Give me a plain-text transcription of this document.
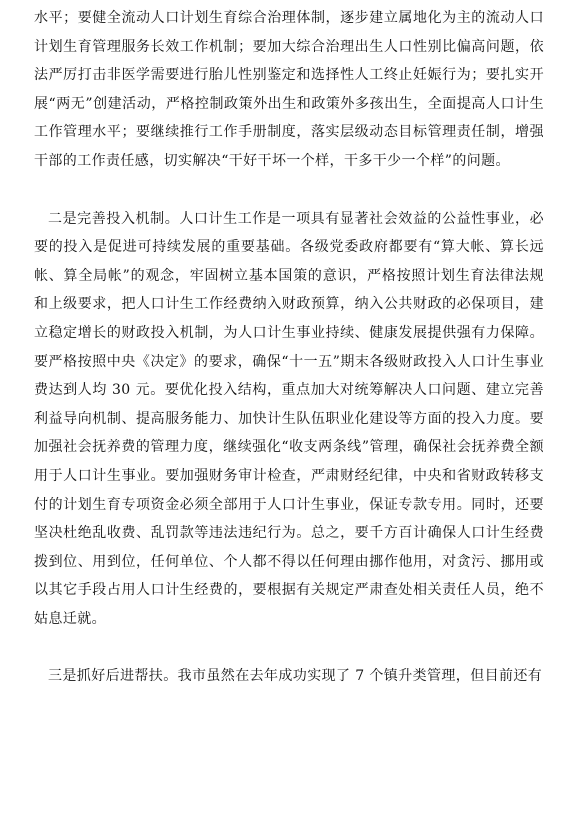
水平；要健全流动人口计划生育综合治理体制，逐步建立属地化为主的流动人口计划生育管理服务长效工作机制；要加大综合治理出生人口性别比偏高问题，依法严厉打击非医学需要进行胎儿性别鉴定和选择性人工终止妊娠行为；要扎实开展“两无”创建活动，严格控制政策外出生和政策外多孩出生，全面提高人口计生工作管理水平；要继续推行工作手册制度，落实层级动态目标管理责任制，增强干部的工作责任感，切实解决“干好干坏一个样，干多干少一个样”的问题。

二是完善投入机制。人口计生工作是一项具有显著社会效益的公益性事业，必要的投入是促进可持续发展的重要基础。各级党委政府都要有“算大帐、算长远帐、算全局帐”的观念，牢固树立基本国策的意识，严格按照计划生育法律法规和上级要求，把人口计生工作经费纳入财政预算，纳入公共财政的必保项目，建立稳定增长的财政投入机制，为人口计生事业持续、健康发展提供强有力保障。要严格按照中央《决定》的要求，确保“十一五”期末各级财政投入人口计生事业费达到人均 30 元。要优化投入结构，重点加大对统筹解决人口问题、建立完善利益导向机制、提高服务能力、加快计生队伍职业化建设等方面的投入力度。要加强社会抚养费的管理力度，继续强化“收支两条线”管理，确保社会抚养费全额用于人口计生事业。要加强财务审计检查，严肃财经纪律，中央和省财政转移支付的计划生育专项资金必须全部用于人口计生事业，保证专款专用。同时，还要坚决杜绝乱收费、乱罚款等违法违纪行为。总之，要千方百计确保人口计生经费拨到位、用到位，任何单位、个人都不得以任何理由挪作他用，对贪污、挪用或以其它手段占用人口计生经费的，要根据有关规定严肃查处相关责任人员，绝不姑息迁就。

三是抓好后进帮扶。我市虽然在去年成功实现了 7 个镇升类管理，但目前还有
